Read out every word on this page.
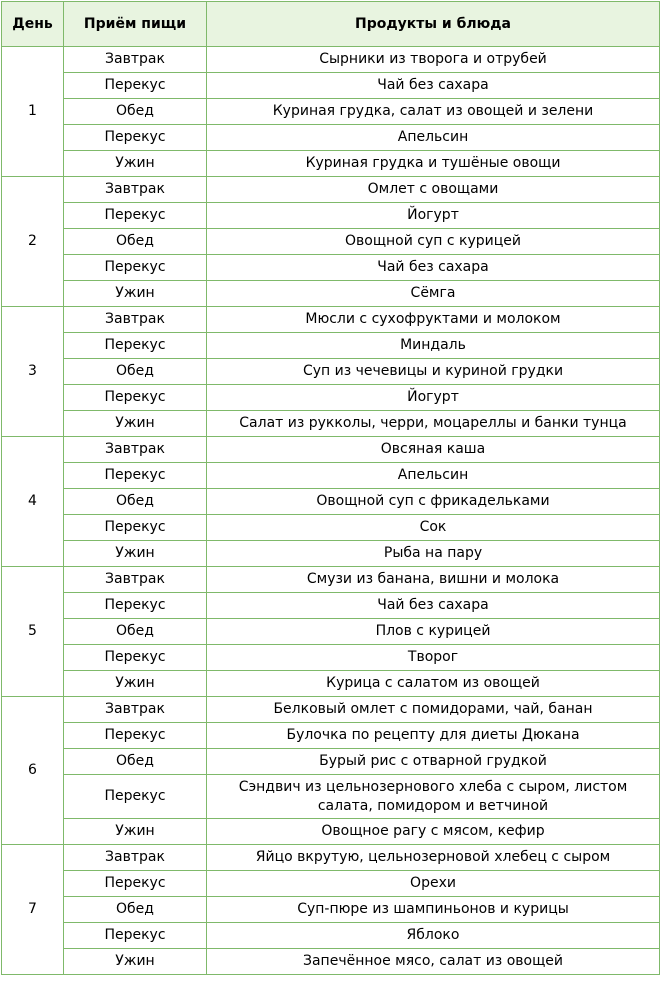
День	Приём пищи	Продукты и блюда
1	Завтрак	Сырники из творога и отрубей
	Перекус	Чай без сахара
	Обед	Куриная грудка, салат из овощей и зелени
	Перекус	Апельсин
	Ужин	Куриная грудка и тушёные овощи
2	Завтрак	Омлет с овощами
	Перекус	Йогурт
	Обед	Овощной суп с курицей
	Перекус	Чай без сахара
	Ужин	Сёмга
3	Завтрак	Мюсли с сухофруктами и молоком
	Перекус	Миндаль
	Обед	Суп из чечевицы и куриной грудки
	Перекус	Йогурт
	Ужин	Салат из рукколы, черри, моцареллы и банки тунца
4	Завтрак	Овсяная каша
	Перекус	Апельсин
	Обед	Овощной суп с фрикадельками
	Перекус	Сок
	Ужин	Рыба на пару
5	Завтрак	Смузи из банана, вишни и молока
	Перекус	Чай без сахара
	Обед	Плов с курицей
	Перекус	Творог
	Ужин	Курица с салатом из овощей
6	Завтрак	Белковый омлет с помидорами, чай, банан
	Перекус	Булочка по рецепту для диеты Дюкана
	Обед	Бурый рис с отварной грудкой
	Перекус	Сэндвич из цельнозернового хлеба с сыром, листом салата, помидором и ветчиной
	Ужин	Овощное рагу с мясом, кефир
7	Завтрак	Яйцо вкрутую, цельнозерновой хлебец с сыром
	Перекус	Орехи
	Обед	Суп-пюре из шампиньонов и курицы
	Перекус	Яблоко
	Ужин	Запечённое мясо, салат из овощей
